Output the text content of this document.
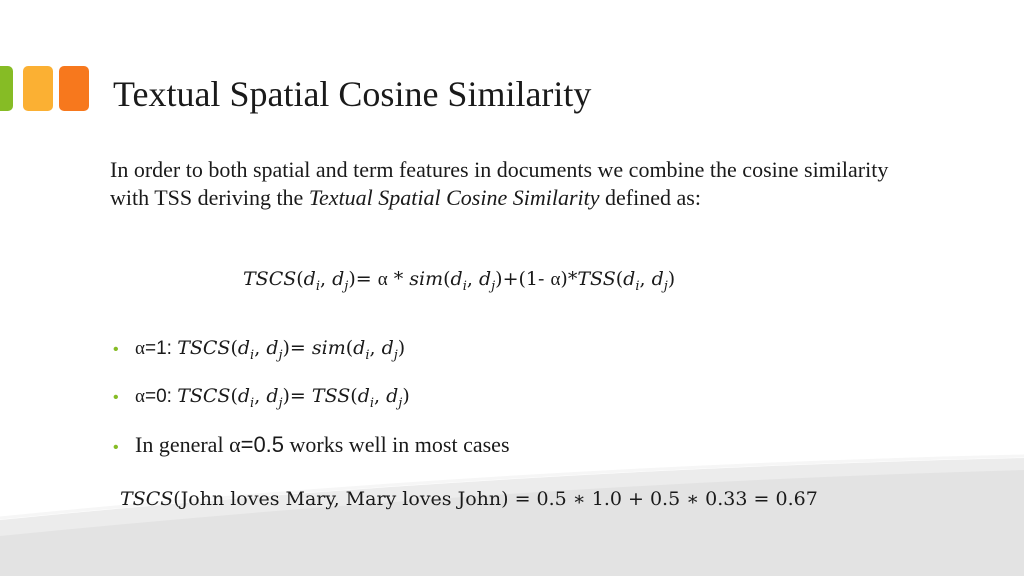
Textual Spatial Cosine Similarity
In order to both spatial and term features in documents we combine the cosine similarity with TSS deriving the Textual Spatial Cosine Similarity defined as:
$TSCS(d_i$, $d_j)= \alpha * sim(d_i$, $d_j)+(1-$ $\alpha)*TSS(d_i$, $d_j$)
• α=1: $TSCS(d_i$, $d_j)= sim(d_i$, $d_j$)
• α=0: $TSCS(d_i$, $d_j)= TSS(d_i$, $d_j$)
• In general α=0.5 works well in most cases
TSCS(John loves Mary, Mary loves John) = 0.5 ∗ 1.0 + 0.5 ∗ 0.33 = 0.67
